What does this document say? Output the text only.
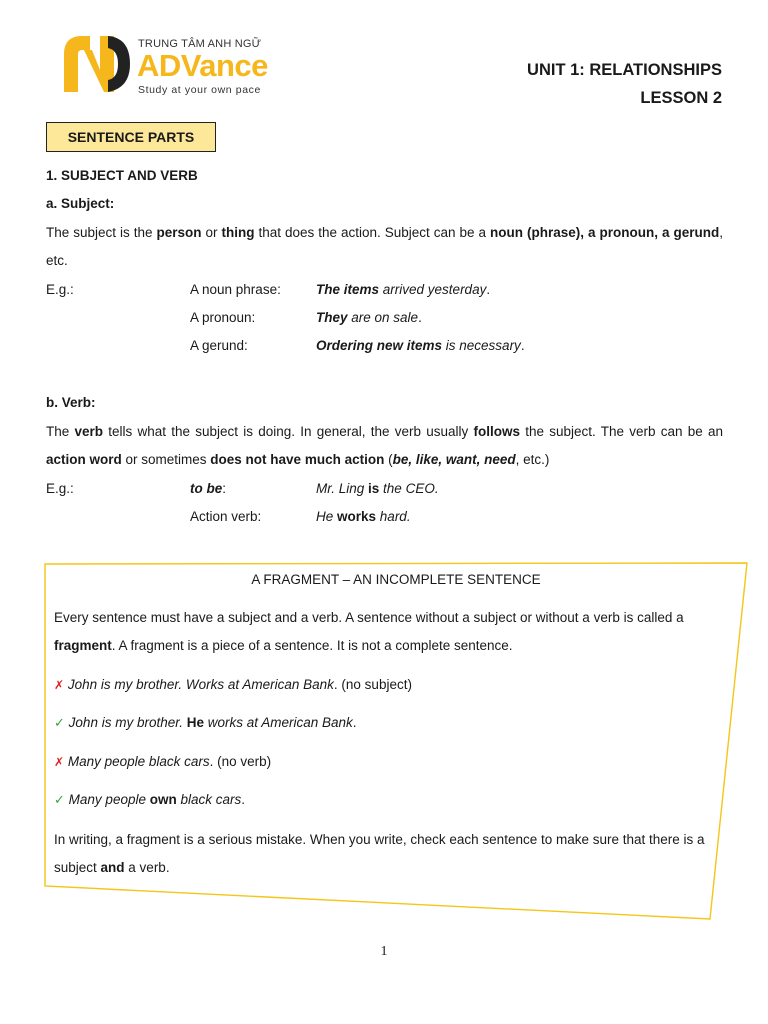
TRUNG TÂM ANH NGỮ
ADVance
Study at your own pace
UNIT 1: RELATIONSHIPS
LESSON 2
SENTENCE PARTS
1. SUBJECT AND VERB
a. Subject:
The subject is the person or thing that does the action. Subject can be a noun (phrase), a pronoun, a gerund,
etc.
E.g.:	A noun phrase:	The items arrived yesterday.
A pronoun:	They are on sale.
A gerund:	Ordering new items is necessary.
b. Verb:
The verb tells what the subject is doing. In general, the verb usually follows the subject. The verb can be an
action word or sometimes does not have much action (be, like, want, need, etc.)
E.g.:	to be:	Mr. Ling is the CEO.
Action verb:	He works hard.
A FRAGMENT – AN INCOMPLETE SENTENCE
Every sentence must have a subject and a verb. A sentence without a subject or without a verb is called a
fragment. A fragment is a piece of a sentence. It is not a complete sentence.
✗ John is my brother. Works at American Bank. (no subject)
✓ John is my brother. He works at American Bank.
✗ Many people black cars. (no verb)
✓ Many people own black cars.
In writing, a fragment is a serious mistake. When you write, check each sentence to make sure that there is a
subject and a verb.
1
